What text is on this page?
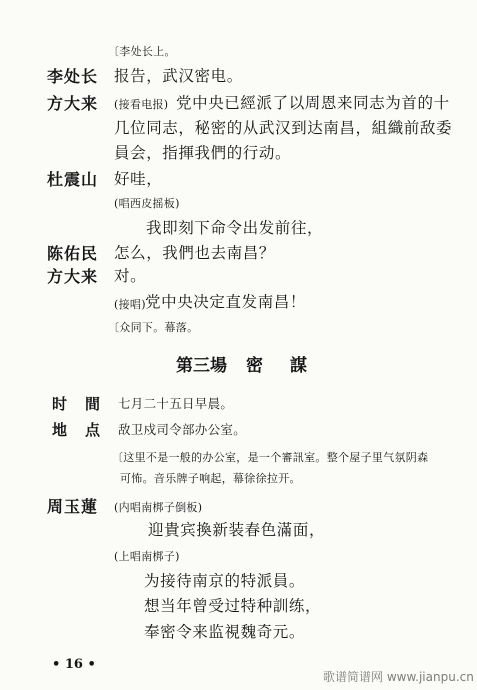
〔李处长上。
李处长 报告，武汉密电。
方大来 (接看电报) 党中央已經派了以周恩来同志为首的十
几位同志，秘密的从武汉到达南昌，組織前敌委
員会，指揮我們的行动。
杜震山 好哇，
(唱西皮摇板)
我即刻下命令出发前往，
陈佑民 怎么，我們也去南昌？
方大来 对。
(接唱) 党中央决定直发南昌！
〔众同下。幕落。
第三場 密 謀
时 間 七月二十五日早晨。
地 点 敌卫戍司令部办公室。
〔这里不是一般的办公室，是一个審訊室。整个屋子里气氛阴森
可怖。音乐牌子响起，幕徐徐拉开。
周玉蓮 (内唱南梆子倒板)
迎貴宾換新装春色滿面，
(上唱南梆子)
为接待南京的特派員。
想当年曾受过特种訓练，
奉密令来监視魏奇元。
• 16 •
歌谱简谱网 www.jianpu.cn
